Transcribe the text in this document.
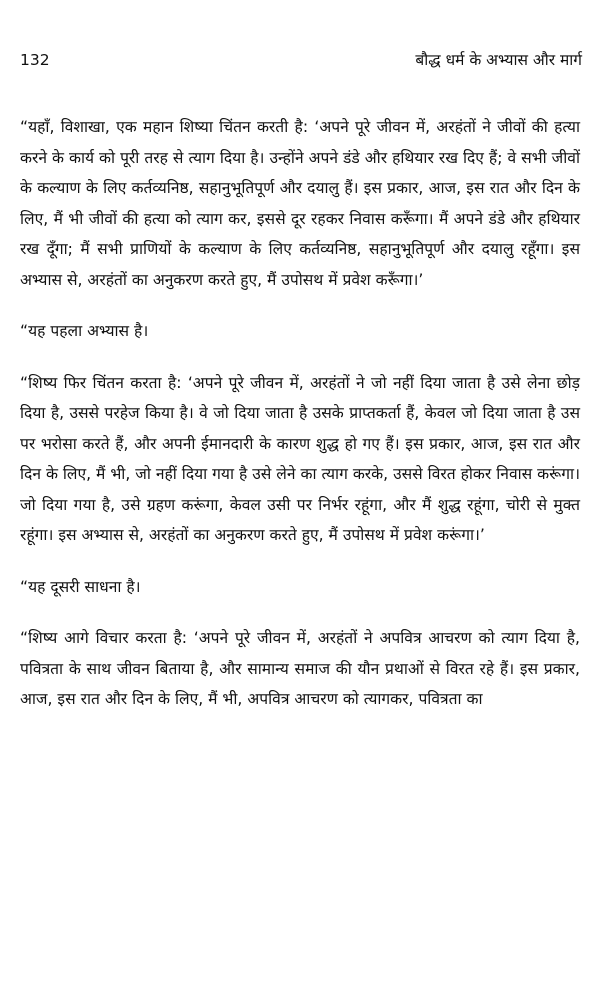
132	बौद्ध धर्म के अभ्यास और मार्ग

“यहाँ, विशाखा, एक महान शिष्या चिंतन करती है: ‘अपने पूरे जीवन में, अरहंतों ने जीवों की हत्या करने के कार्य को पूरी तरह से त्याग दिया है। उन्होंने अपने डंडे और हथियार रख दिए हैं; वे सभी जीवों के कल्याण के लिए कर्तव्यनिष्ठ, सहानुभूतिपूर्ण और दयालु हैं। इस प्रकार, आज, इस रात और दिन के लिए, मैं भी जीवों की हत्या को त्याग कर, इससे दूर रहकर निवास करूँगा। मैं अपने डंडे और हथियार रख दूँगा; मैं सभी प्राणियों के कल्याण के लिए कर्तव्यनिष्ठ, सहानुभूतिपूर्ण और दयालु रहूँगा। इस अभ्यास से, अरहंतों का अनुकरण करते हुए, मैं उपोसथ में प्रवेश करूँगा।’

“यह पहला अभ्यास है।

“शिष्य फिर चिंतन करता है: ‘अपने पूरे जीवन में, अरहंतों ने जो नहीं दिया जाता है उसे लेना छोड़ दिया है, उससे परहेज किया है। वे जो दिया जाता है उसके प्राप्तकर्ता हैं, केवल जो दिया जाता है उस पर भरोसा करते हैं, और अपनी ईमानदारी के कारण शुद्ध हो गए हैं। इस प्रकार, आज, इस रात और दिन के लिए, मैं भी, जो नहीं दिया गया है उसे लेने का त्याग करके, उससे विरत होकर निवास करूंगा। जो दिया गया है, उसे ग्रहण करूंगा, केवल उसी पर निर्भर रहूंगा, और मैं शुद्ध रहूंगा, चोरी से मुक्त रहूंगा। इस अभ्यास से, अरहंतों का अनुकरण करते हुए, मैं उपोसथ में प्रवेश करूंगा।’

“यह दूसरी साधना है।

“शिष्य आगे विचार करता है: ‘अपने पूरे जीवन में, अरहंतों ने अपवित्र आचरण को त्याग दिया है, पवित्रता के साथ जीवन बिताया है, और सामान्य समाज की यौन प्रथाओं से विरत रहे हैं। इस प्रकार, आज, इस रात और दिन के लिए, मैं भी, अपवित्र आचरण को त्यागकर, पवित्रता का
